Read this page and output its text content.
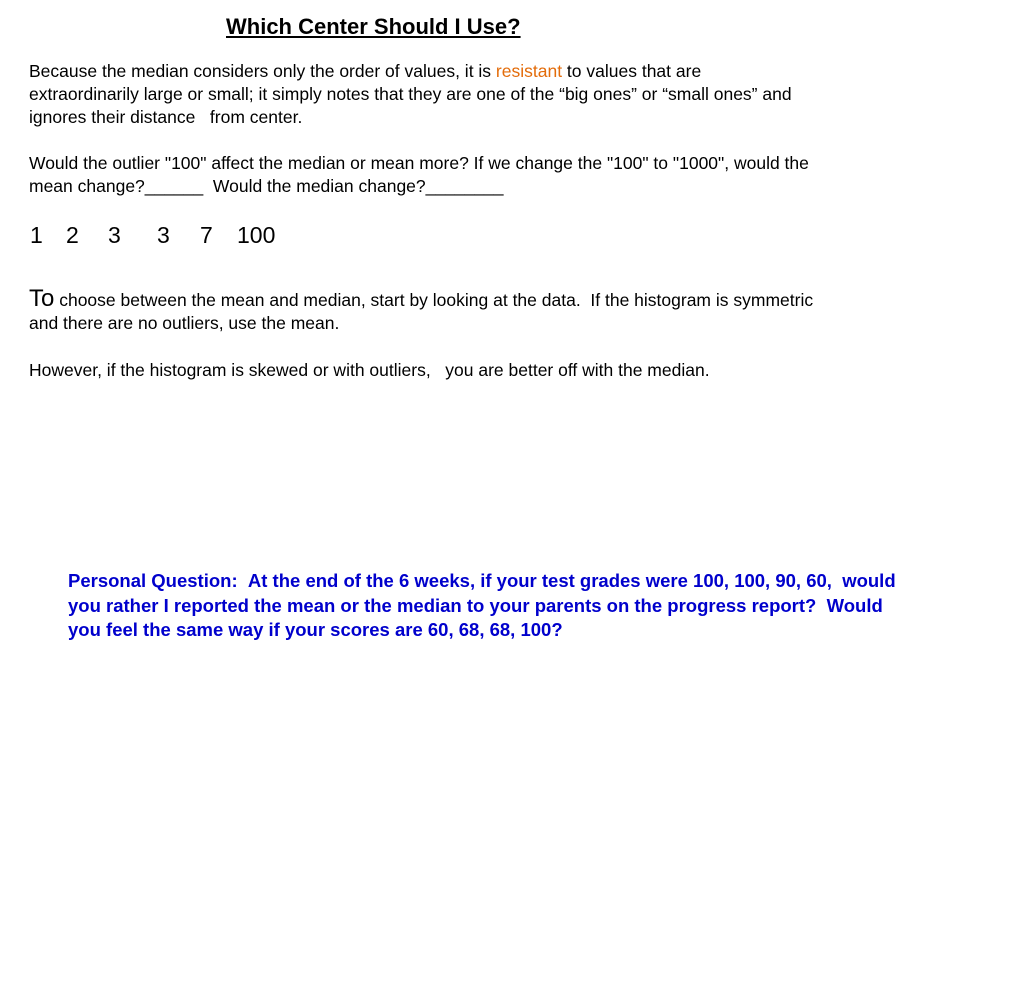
Which Center Should I Use?
Because the median considers only the order of values, it is resistant to values that are
extraordinarily large or small; it simply notes that they are one of the “big ones” or “small ones” and
ignores their distance   from center.
Would the outlier "100" affect the median or mean more? If we change the "100" to "1000", would the
mean change?______  Would the median change?________
1 2 3 3 7 100
To choose between the mean and median, start by looking at the data.  If the histogram is symmetric
and there are no outliers, use the mean.
However, if the histogram is skewed or with outliers,   you are better off with the median.
Personal Question:  At the end of the 6 weeks, if your test grades were 100, 100, 90, 60,  would
you rather I reported the mean or the median to your parents on the progress report?  Would
you feel the same way if your scores are 60, 68, 68, 100?
